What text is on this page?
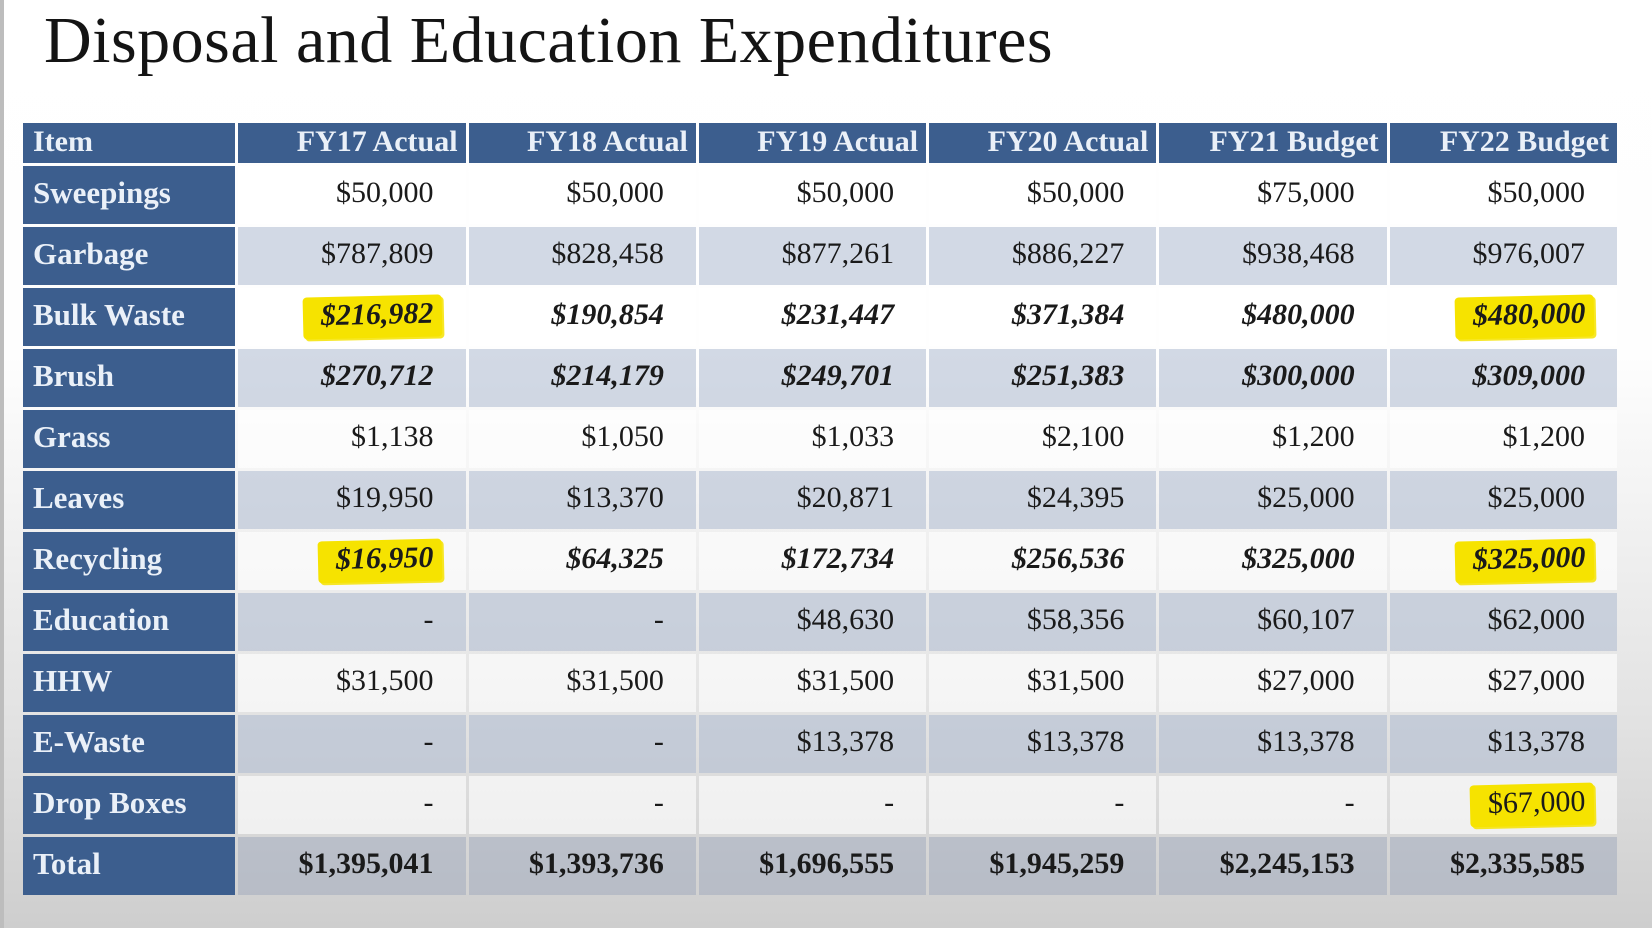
Disposal and Education Expenditures
Item	FY17 Actual	FY18 Actual	FY19 Actual	FY20 Actual	FY21 Budget	FY22 Budget
Sweepings	$50,000	$50,000	$50,000	$50,000	$75,000	$50,000
Garbage	$787,809	$828,458	$877,261	$886,227	$938,468	$976,007
Bulk Waste	$216,982	$190,854	$231,447	$371,384	$480,000	$480,000
Brush	$270,712	$214,179	$249,701	$251,383	$300,000	$309,000
Grass	$1,138	$1,050	$1,033	$2,100	$1,200	$1,200
Leaves	$19,950	$13,370	$20,871	$24,395	$25,000	$25,000
Recycling	$16,950	$64,325	$172,734	$256,536	$325,000	$325,000
Education	-	-	$48,630	$58,356	$60,107	$62,000
HHW	$31,500	$31,500	$31,500	$31,500	$27,000	$27,000
E-Waste	-	-	$13,378	$13,378	$13,378	$13,378
Drop Boxes	-	-	-	-	-	$67,000
Total	$1,395,041	$1,393,736	$1,696,555	$1,945,259	$2,245,153	$2,335,585
